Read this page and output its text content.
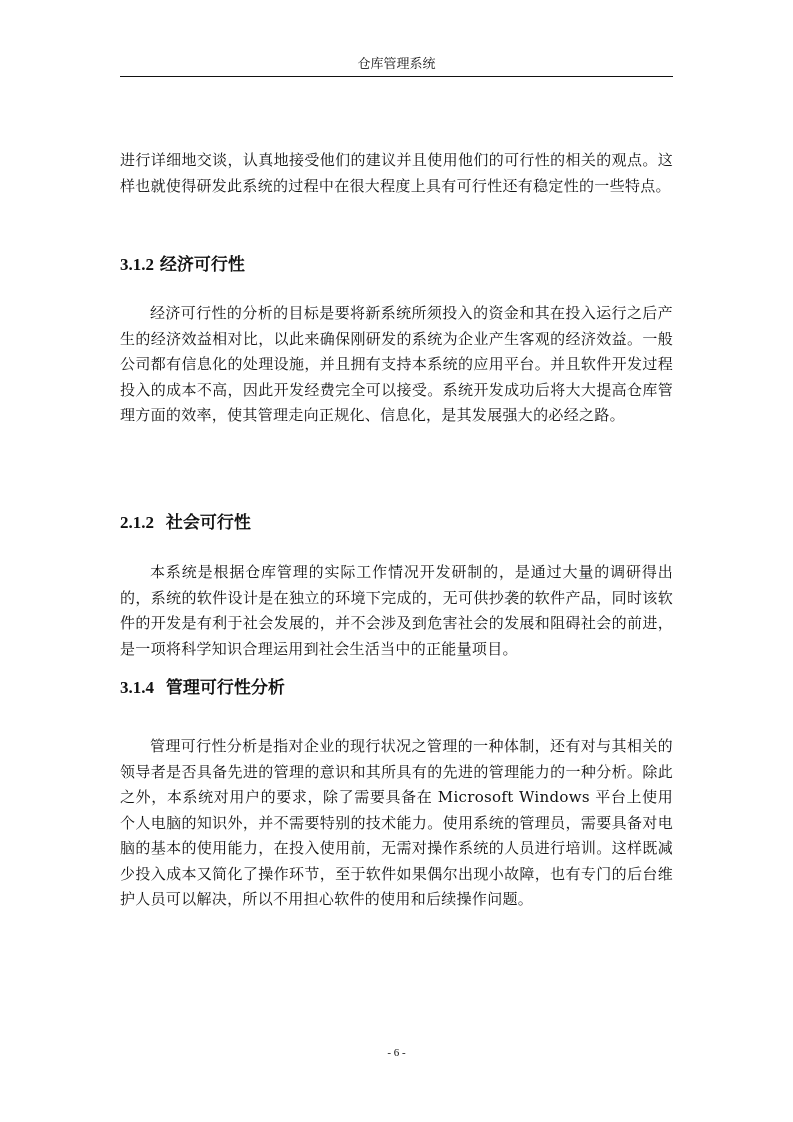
仓库管理系统

进行详细地交谈，认真地接受他们的建议并且使用他们的可行性的相关的观点。这样也就使得研发此系统的过程中在很大程度上具有可行性还有稳定性的一些特点。

3.1.2 经济可行性

经济可行性的分析的目标是要将新系统所须投入的资金和其在投入运行之后产生的经济效益相对比，以此来确保刚研发的系统为企业产生客观的经济效益。一般公司都有信息化的处理设施，并且拥有支持本系统的应用平台。并且软件开发过程投入的成本不高，因此开发经费完全可以接受。系统开发成功后将大大提高仓库管理方面的效率，使其管理走向正规化、信息化，是其发展强大的必经之路。

2.1.2 社会可行性

本系统是根据仓库管理的实际工作情况开发研制的，是通过大量的调研得出的，系统的软件设计是在独立的环境下完成的，无可供抄袭的软件产品，同时该软件的开发是有利于社会发展的，并不会涉及到危害社会的发展和阻碍社会的前进，是一项将科学知识合理运用到社会生活当中的正能量项目。

3.1.4 管理可行性分析

管理可行性分析是指对企业的现行状况之管理的一种体制，还有对与其相关的领导者是否具备先进的管理的意识和其所具有的先进的管理能力的一种分析。除此之外，本系统对用户的要求，除了需要具备在 Microsoft Windows 平台上使用个人电脑的知识外，并不需要特别的技术能力。使用系统的管理员，需要具备对电脑的基本的使用能力，在投入使用前，无需对操作系统的人员进行培训。这样既减少投入成本又简化了操作环节，至于软件如果偶尔出现小故障，也有专门的后台维护人员可以解决，所以不用担心软件的使用和后续操作问题。

- 6 -
